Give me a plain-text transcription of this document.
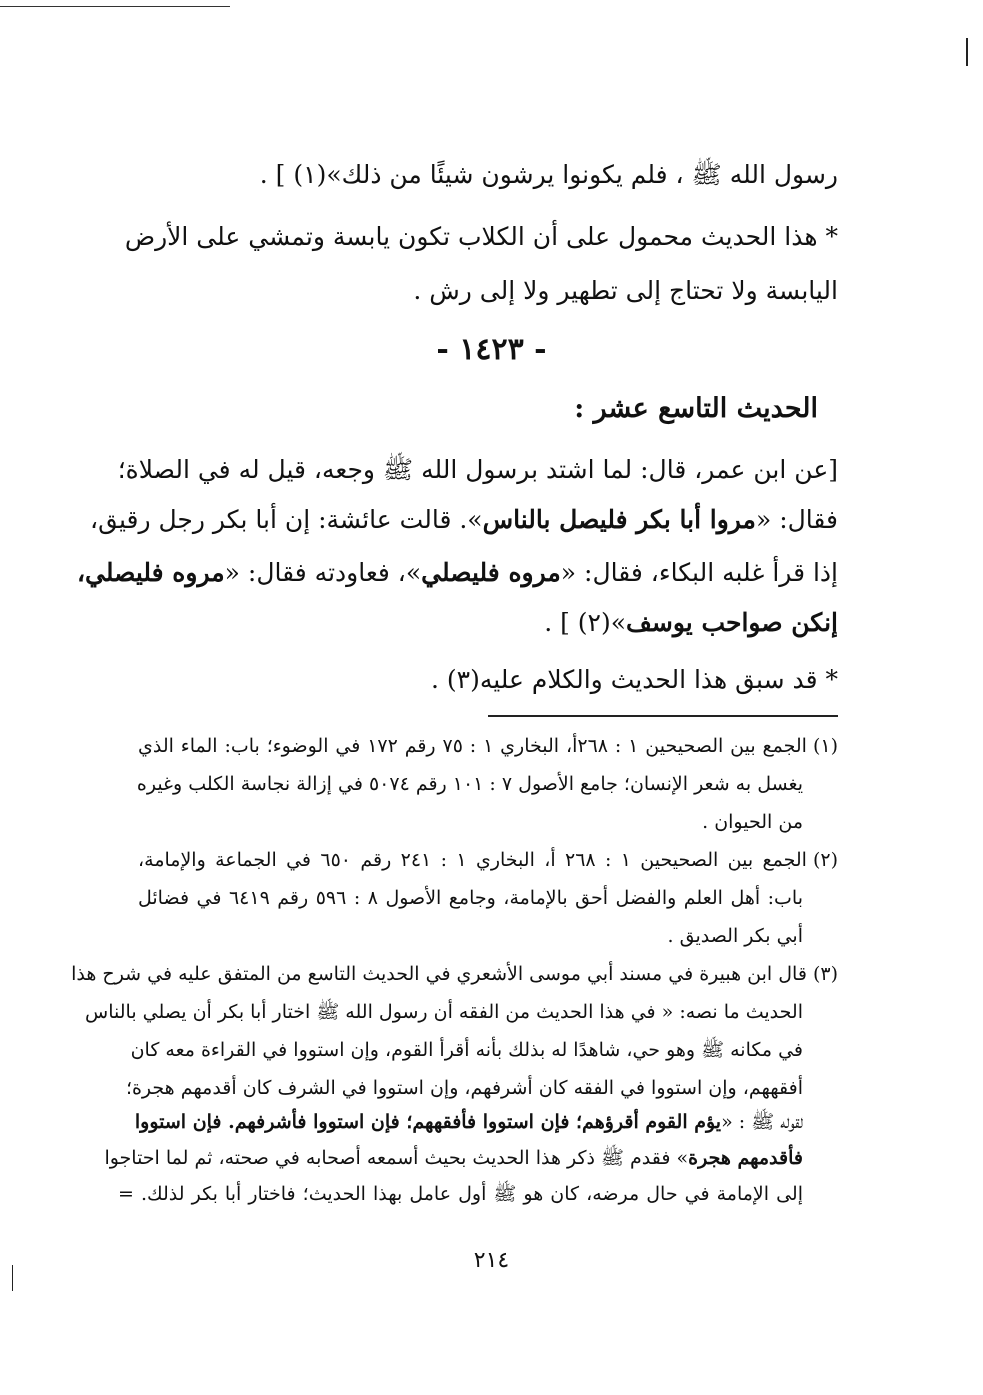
رسول الله ﷺ ، فلم يكونوا يرشون شيئًا من ذلك»(١) ] .
* هذا الحديث محمول على أن الكلاب تكون يابسة وتمشي على الأرض
اليابسة ولا تحتاج إلى تطهير ولا إلى رش .
- ١٤٢٣ -
الحديث التاسع عشر :
[عن ابن عمر، قال: لما اشتد برسول الله ﷺ وجعه، قيل له في الصلاة؛
فقال: «مروا أبا بكر فليصل بالناس». قالت عائشة: إن أبا بكر رجل رقيق،
إذا قرأ غلبه البكاء، فقال: «مروه فليصلي»، فعاودته فقال: «مروه فليصلي،
إنكن صواحب يوسف»(٢) ] .
* قد سبق هذا الحديث والكلام عليه(٣) .
(١)الجمع بين الصحيحين ١ : ٢٦٨أ، البخاري ١ : ٧٥ رقم ١٧٢ في الوضوء؛ باب: الماء الذي
يغسل به شعر الإنسان؛ جامع الأصول ٧ : ١٠١ رقم ٥٠٧٤ في إزالة نجاسة الكلب وغيره
من الحيوان .
(٢)الجمع بين الصحيحين ١ : ٢٦٨ أ، البخاري ١ : ٢٤١ رقم ٦٥٠ في الجماعة والإمامة،
باب: أهل العلم والفضل أحق بالإمامة، وجامع الأصول ٨ : ٥٩٦ رقم ٦٤١٩ في فضائل
أبي بكر الصديق .
(٣)قال ابن هبيرة في مسند أبي موسى الأشعري في الحديث التاسع من المتفق عليه في شرح هذا
الحديث ما نصه: « في هذا الحديث من الفقه أن رسول الله ﷺ اختار أبا بكر أن يصلي بالناس
في مكانه ﷺ وهو حي، شاهدًا له بذلك بأنه أقرأ القوم، وإن استووا في القراءة معه كان
أفقههم، وإن استووا في الفقه كان أشرفهم، وإن استووا في الشرف كان أقدمهم هجرة؛
لقوله ﷺ : «يؤم القوم أقرؤهم؛ فإن استووا فأفقههم؛ فإن استووا فأشرفهم. فإن استووا
فأقدمهم هجرة» فقدم ﷺ ذكر هذا الحديث بحيث أسمعه أصحابه في صحته، ثم لما احتاجوا
إلى الإمامة في حال مرضه، كان هو ﷺ أول عامل بهذا الحديث؛ فاختار أبا بكر لذلك. =
٢١٤
